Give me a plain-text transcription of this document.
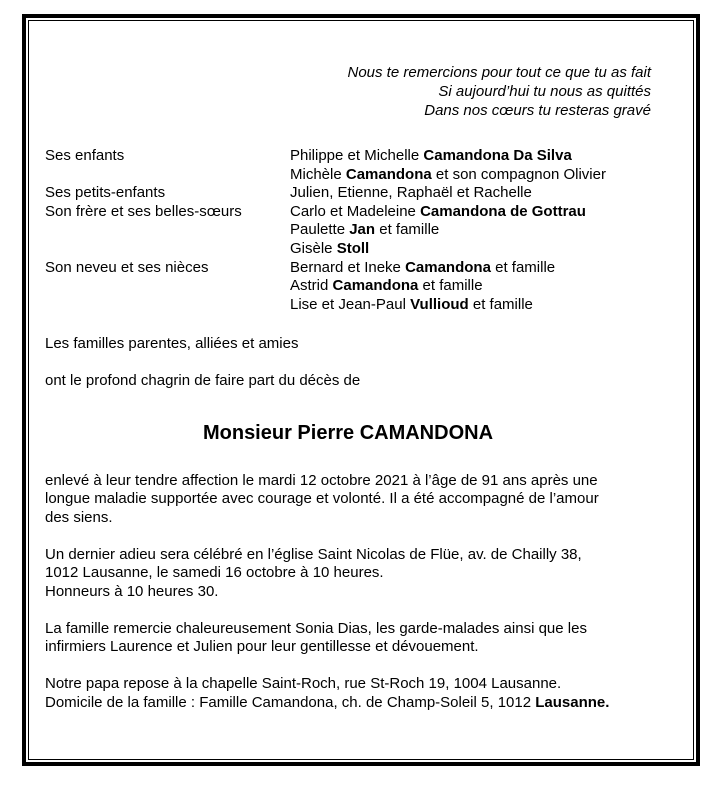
Nous te remercions pour tout ce que tu as fait
Si aujourd’hui tu nous as quittés
Dans nos cœurs tu resteras gravé
Ses enfants	Philippe et Michelle Camandona Da Silva
Michèle Camandona et son compagnon Olivier
Ses petits-enfants	Julien, Etienne, Raphaël et Rachelle
Son frère et ses belles-sœurs	Carlo et Madeleine Camandona de Gottrau
Paulette Jan et famille
Gisèle Stoll
Son neveu et ses nièces	Bernard et Ineke Camandona et famille
Astrid Camandona et famille
Lise et Jean-Paul Vullioud et famille
Les familles parentes, alliées et amies
ont le profond chagrin de faire part du décès de
Monsieur Pierre CAMANDONA
enlevé à leur tendre affection le mardi 12 octobre 2021 à l’âge de 91 ans après une
longue maladie supportée avec courage et volonté. Il a été accompagné de l’amour
des siens.
Un dernier adieu sera célébré en l’église Saint Nicolas de Flüe, av. de Chailly 38,
1012 Lausanne, le samedi 16 octobre à 10 heures.
Honneurs à 10 heures 30.
La famille remercie chaleureusement Sonia Dias, les garde-malades ainsi que les
infirmiers Laurence et Julien pour leur gentillesse et dévouement.
Notre papa repose à la chapelle Saint-Roch, rue St-Roch 19, 1004 Lausanne.
Domicile de la famille : Famille Camandona, ch. de Champ-Soleil 5, 1012 Lausanne.
